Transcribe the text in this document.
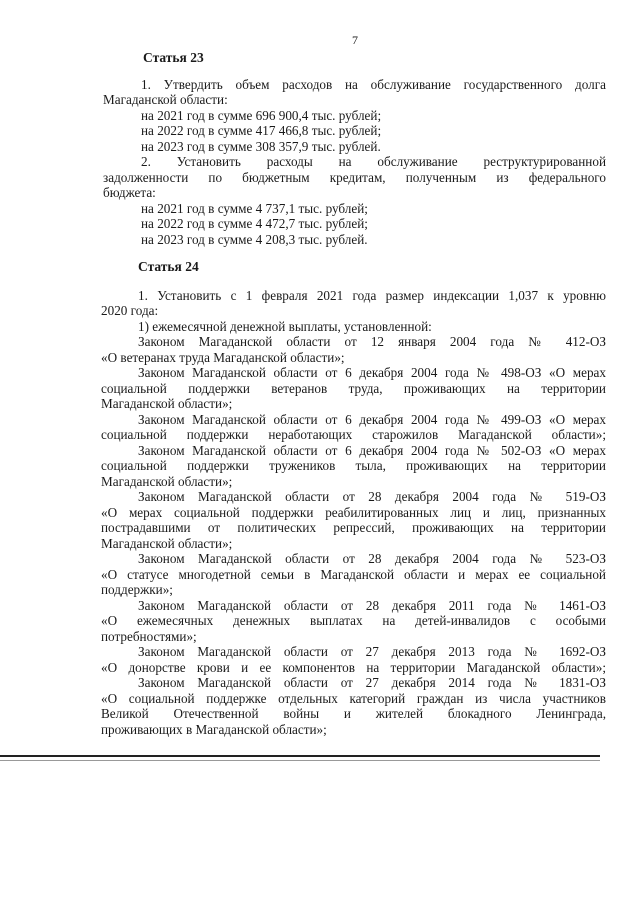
7
Статья 23
1. Утвердить объем расходов на обслуживание государственного долга
Магаданской области:
на 2021 год в сумме 696 900,4 тыс. рублей;
на 2022 год в сумме 417 466,8 тыс. рублей;
на 2023 год в сумме 308 357,9 тыс. рублей.
2. Установить расходы на обслуживание реструктурированной
задолженности по бюджетным кредитам, полученным из федерального
бюджета:
на 2021 год в сумме 4 737,1 тыс. рублей;
на 2022 год в сумме 4 472,7 тыс. рублей;
на 2023 год в сумме 4 208,3 тыс. рублей.
Статья 24
1. Установить с 1 февраля 2021 года размер индексации 1,037 к уровню
2020 года:
1) ежемесячной денежной выплаты, установленной:
Законом Магаданской области от 12 января 2004 года № 412-ОЗ
«О ветеранах труда Магаданской области»;
Законом Магаданской области от 6 декабря 2004 года № 498-ОЗ «О мерах
социальной поддержки ветеранов труда, проживающих на территории
Магаданской области»;
Законом Магаданской области от 6 декабря 2004 года № 499-ОЗ «О мерах
социальной поддержки неработающих старожилов Магаданской области»;
Законом Магаданской области от 6 декабря 2004 года № 502-ОЗ «О мерах
социальной поддержки тружеников тыла, проживающих на территории
Магаданской области»;
Законом Магаданской области от 28 декабря 2004 года № 519-ОЗ
«О мерах социальной поддержки реабилитированных лиц и лиц, признанных
пострадавшими от политических репрессий, проживающих на территории
Магаданской области»;
Законом Магаданской области от 28 декабря 2004 года № 523-ОЗ
«О статусе многодетной семьи в Магаданской области и мерах ее социальной
поддержки»;
Законом Магаданской области от 28 декабря 2011 года № 1461-ОЗ
«О ежемесячных денежных выплатах на детей-инвалидов с особыми
потребностями»;
Законом Магаданской области от 27 декабря 2013 года № 1692-ОЗ
«О донорстве крови и ее компонентов на территории Магаданской области»;
Законом Магаданской области от 27 декабря 2014 года № 1831-ОЗ
«О социальной поддержке отдельных категорий граждан из числа участников
Великой Отечественной войны и жителей блокадного Ленинграда,
проживающих в Магаданской области»;
